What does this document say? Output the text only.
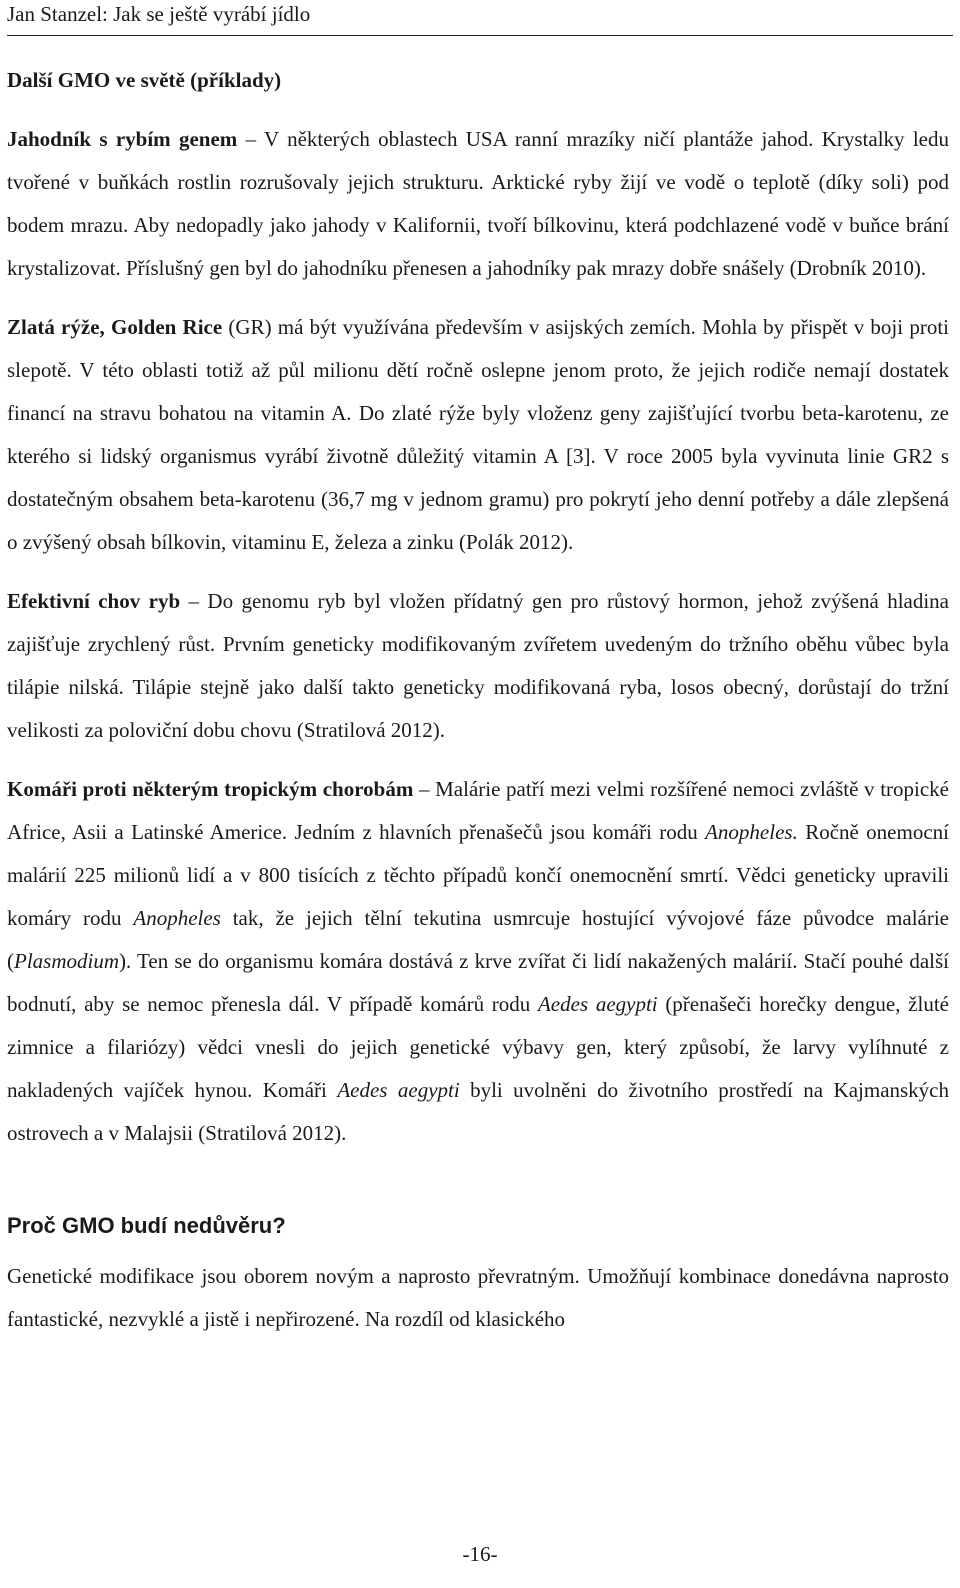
Jan Stanzel: Jak se ještě vyrábí jídlo
Další GMO ve světě (příklady)

Jahodník s rybím genem – V některých oblastech USA ranní mrazíky ničí plantáže jahod. Krystalky ledu tvořené v buňkách rostlin rozrušovaly jejich strukturu. Arktické ryby žijí ve vodě o teplotě (díky soli) pod bodem mrazu. Aby nedopadly jako jahody v Kalifornii, tvoří bílkovinu, která podchlazené vodě v buňce brání krystalizovat. Příslušný gen byl do jahodníku přenesen a jahodníky pak mrazy dobře snášely (Drobník 2010).

Zlatá rýže, Golden Rice (GR) má být využívána především v asijských zemích. Mohla by přispět v boji proti slepotě. V této oblasti totiž až půl milionu dětí ročně oslepne jenom proto, že jejich rodiče nemají dostatek financí na stravu bohatou na vitamin A. Do zlaté rýže byly vloženz geny zajišťující tvorbu beta-karotenu, ze kterého si lidský organismus vyrábí životně důležitý vitamin A [3]. V roce 2005 byla vyvinuta linie GR2 s dostatečným obsahem beta-karotenu (36,7 mg v jednom gramu) pro pokrytí jeho denní potřeby a dále zlepšená o zvýšený obsah bílkovin, vitaminu E, železa a zinku (Polák 2012).

Efektivní chov ryb – Do genomu ryb byl vložen přídatný gen pro růstový hormon, jehož zvýšená hladina zajišťuje zrychlený růst. Prvním geneticky modifikovaným zvířetem uvedeným do tržního oběhu vůbec byla tilápie nilská. Tilápie stejně jako další takto geneticky modifikovaná ryba, losos obecný, dorůstají do tržní velikosti za poloviční dobu chovu (Stratilová 2012).

Komáři proti některým tropickým chorobám – Malárie patří mezi velmi rozšířené nemoci zvláště v tropické Africe, Asii a Latinské Americe. Jedním z hlavních přenašečů jsou komáři rodu Anopheles. Ročně onemocní malárií 225 milionů lidí a v 800 tisících z těchto případů končí onemocnění smrtí. Vědci geneticky upravili komáry rodu Anopheles tak, že jejich tělní tekutina usmrcuje hostující vývojové fáze původce malárie (Plasmodium). Ten se do organismu komára dostává z krve zvířat či lidí nakažených malárií. Stačí pouhé další bodnutí, aby se nemoc přenesla dál. V případě komárů rodu Aedes aegypti (přenašeči horečky dengue, žluté zimnice a filariózy) vědci vnesli do jejich genetické výbavy gen, který způsobí, že larvy vylíhnuté z nakladených vajíček hynou. Komáři Aedes aegypti byli uvolněni do životního prostředí na Kajmanských ostrovech a v Malajsii (Stratilová 2012).

Proč GMO budí nedůvěru?

Genetické modifikace jsou oborem novým a naprosto převratným. Umožňují kombinace donedávna naprosto fantastické, nezvyklé a jistě i nepřirozené. Na rozdíl od klasického

-16-
